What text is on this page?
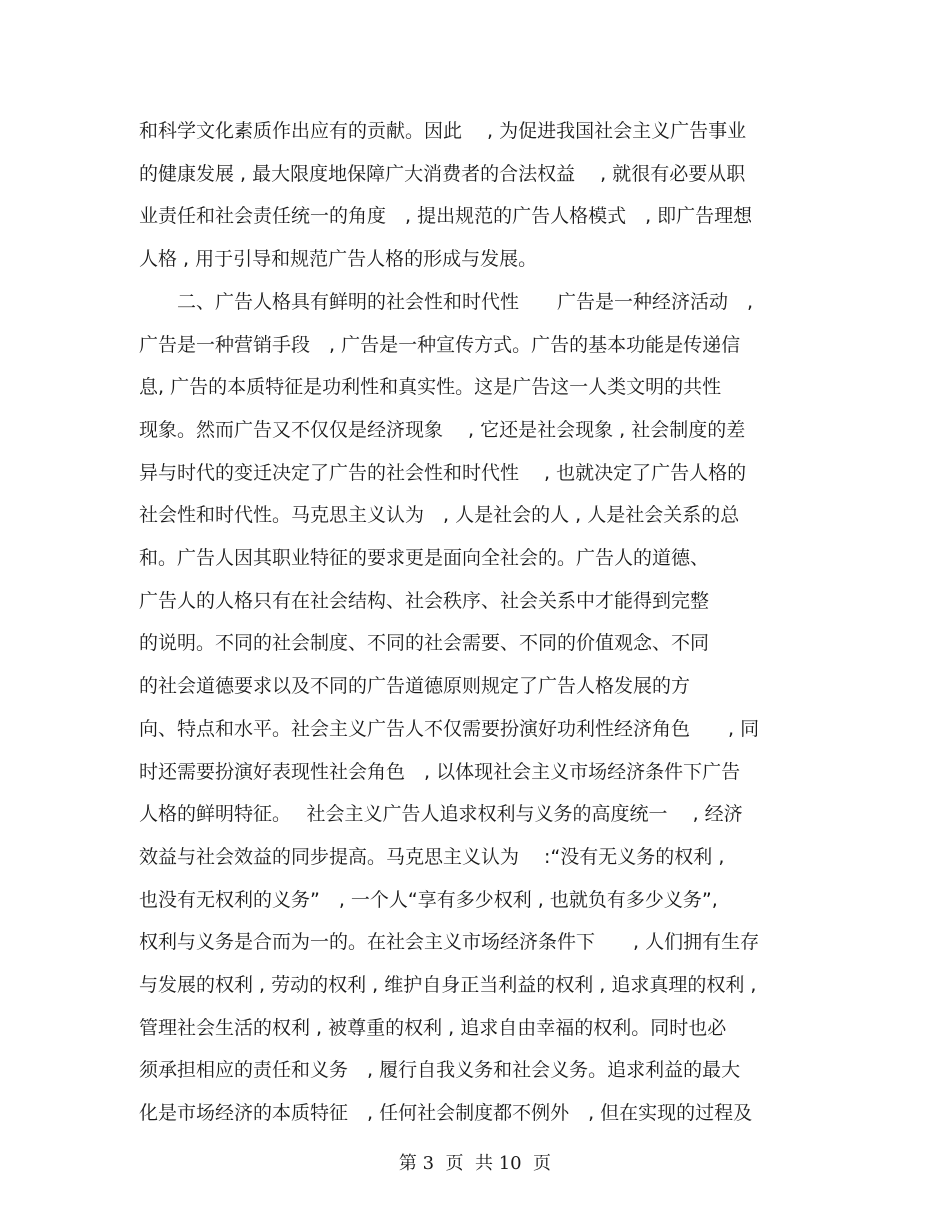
和科学文化素质作出应有的贡献。因此　 , 为促进我国社会主义广告事业
的健康发展 , 最大限度地保障广大消费者的合法权益　 , 就很有必要从职
业责任和社会责任统一的角度　, 提出规范的广告人格模式　, 即广告理想
人格 , 用于引导和规范广告人格的形成与发展。
　　二、广告人格具有鲜明的社会性和时代性　　广告是一种经济活动　,
广告是一种营销手段　, 广告是一种宣传方式。广告的基本功能是传递信
息, 广告的本质特征是功利性和真实性。这是广告这一人类文明的共性
现象。然而广告又不仅仅是经济现象　 , 它还是社会现象 , 社会制度的差
异与时代的变迁决定了广告的社会性和时代性　 , 也就决定了广告人格的
社会性和时代性。马克思主义认为　, 人是社会的人 , 人是社会关系的总
和。广告人因其职业特征的要求更是面向全社会的。广告人的道德、
广告人的人格只有在社会结构、社会秩序、社会关系中才能得到完整
的说明。不同的社会制度、不同的社会需要、不同的价值观念、不同
的社会道德要求以及不同的广告道德原则规定了广告人格发展的方
向、特点和水平。社会主义广告人不仅需要扮演好功利性经济角色　　, 同
时还需要扮演好表现性社会角色　, 以体现社会主义市场经济条件下广告
人格的鲜明特征。　 社会主义广告人追求权利与义务的高度统一　 , 经济
效益与社会效益的同步提高。马克思主义认为　 :“没有无义务的权利 ,
也没有无权利的义务”　, 一个人“享有多少权利 , 也就负有多少义务”,
权利与义务是合而为一的。在社会主义市场经济条件下　　, 人们拥有生存
与发展的权利 , 劳动的权利 , 维护自身正当利益的权利 , 追求真理的权利 ,
管理社会生活的权利 , 被尊重的权利 , 追求自由幸福的权利。同时也必
须承担相应的责任和义务　, 履行自我义务和社会义务。追求利益的最大
化是市场经济的本质特征　, 任何社会制度都不例外　, 但在实现的过程及
第 3  页  共 10  页
